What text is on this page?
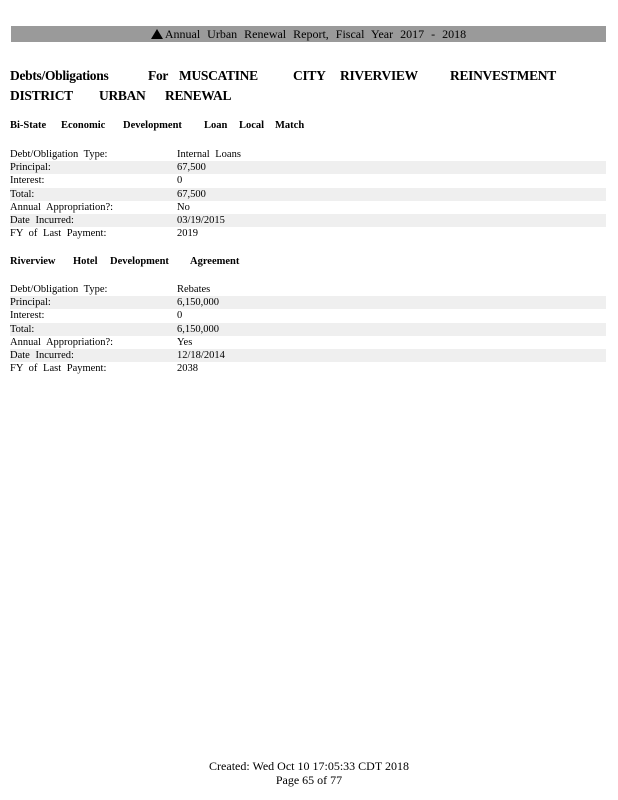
Annual Urban Renewal Report, Fiscal Year 2017 - 2018
Debts/Obligations	For MUSCATINE	CITY RIVERVIEW REINVESTMENT
DISTRICT URBAN RENEWAL
Bi-State Economic Development Loan Local Match
Debt/Obligation Type:	Internal Loans
Principal:	67,500
Interest:	0
Total:	67,500
Annual Appropriation?:	No
Date Incurred:	03/19/2015
FY of Last Payment:	2019
Riverview Hotel Development Agreement
Debt/Obligation Type:	Rebates
Principal:	6,150,000
Interest:	0
Total:	6,150,000
Annual Appropriation?:	Yes
Date Incurred:	12/18/2014
FY of Last Payment:	2038
Created: Wed Oct 10 17:05:33 CDT 2018
Page 65 of 77
